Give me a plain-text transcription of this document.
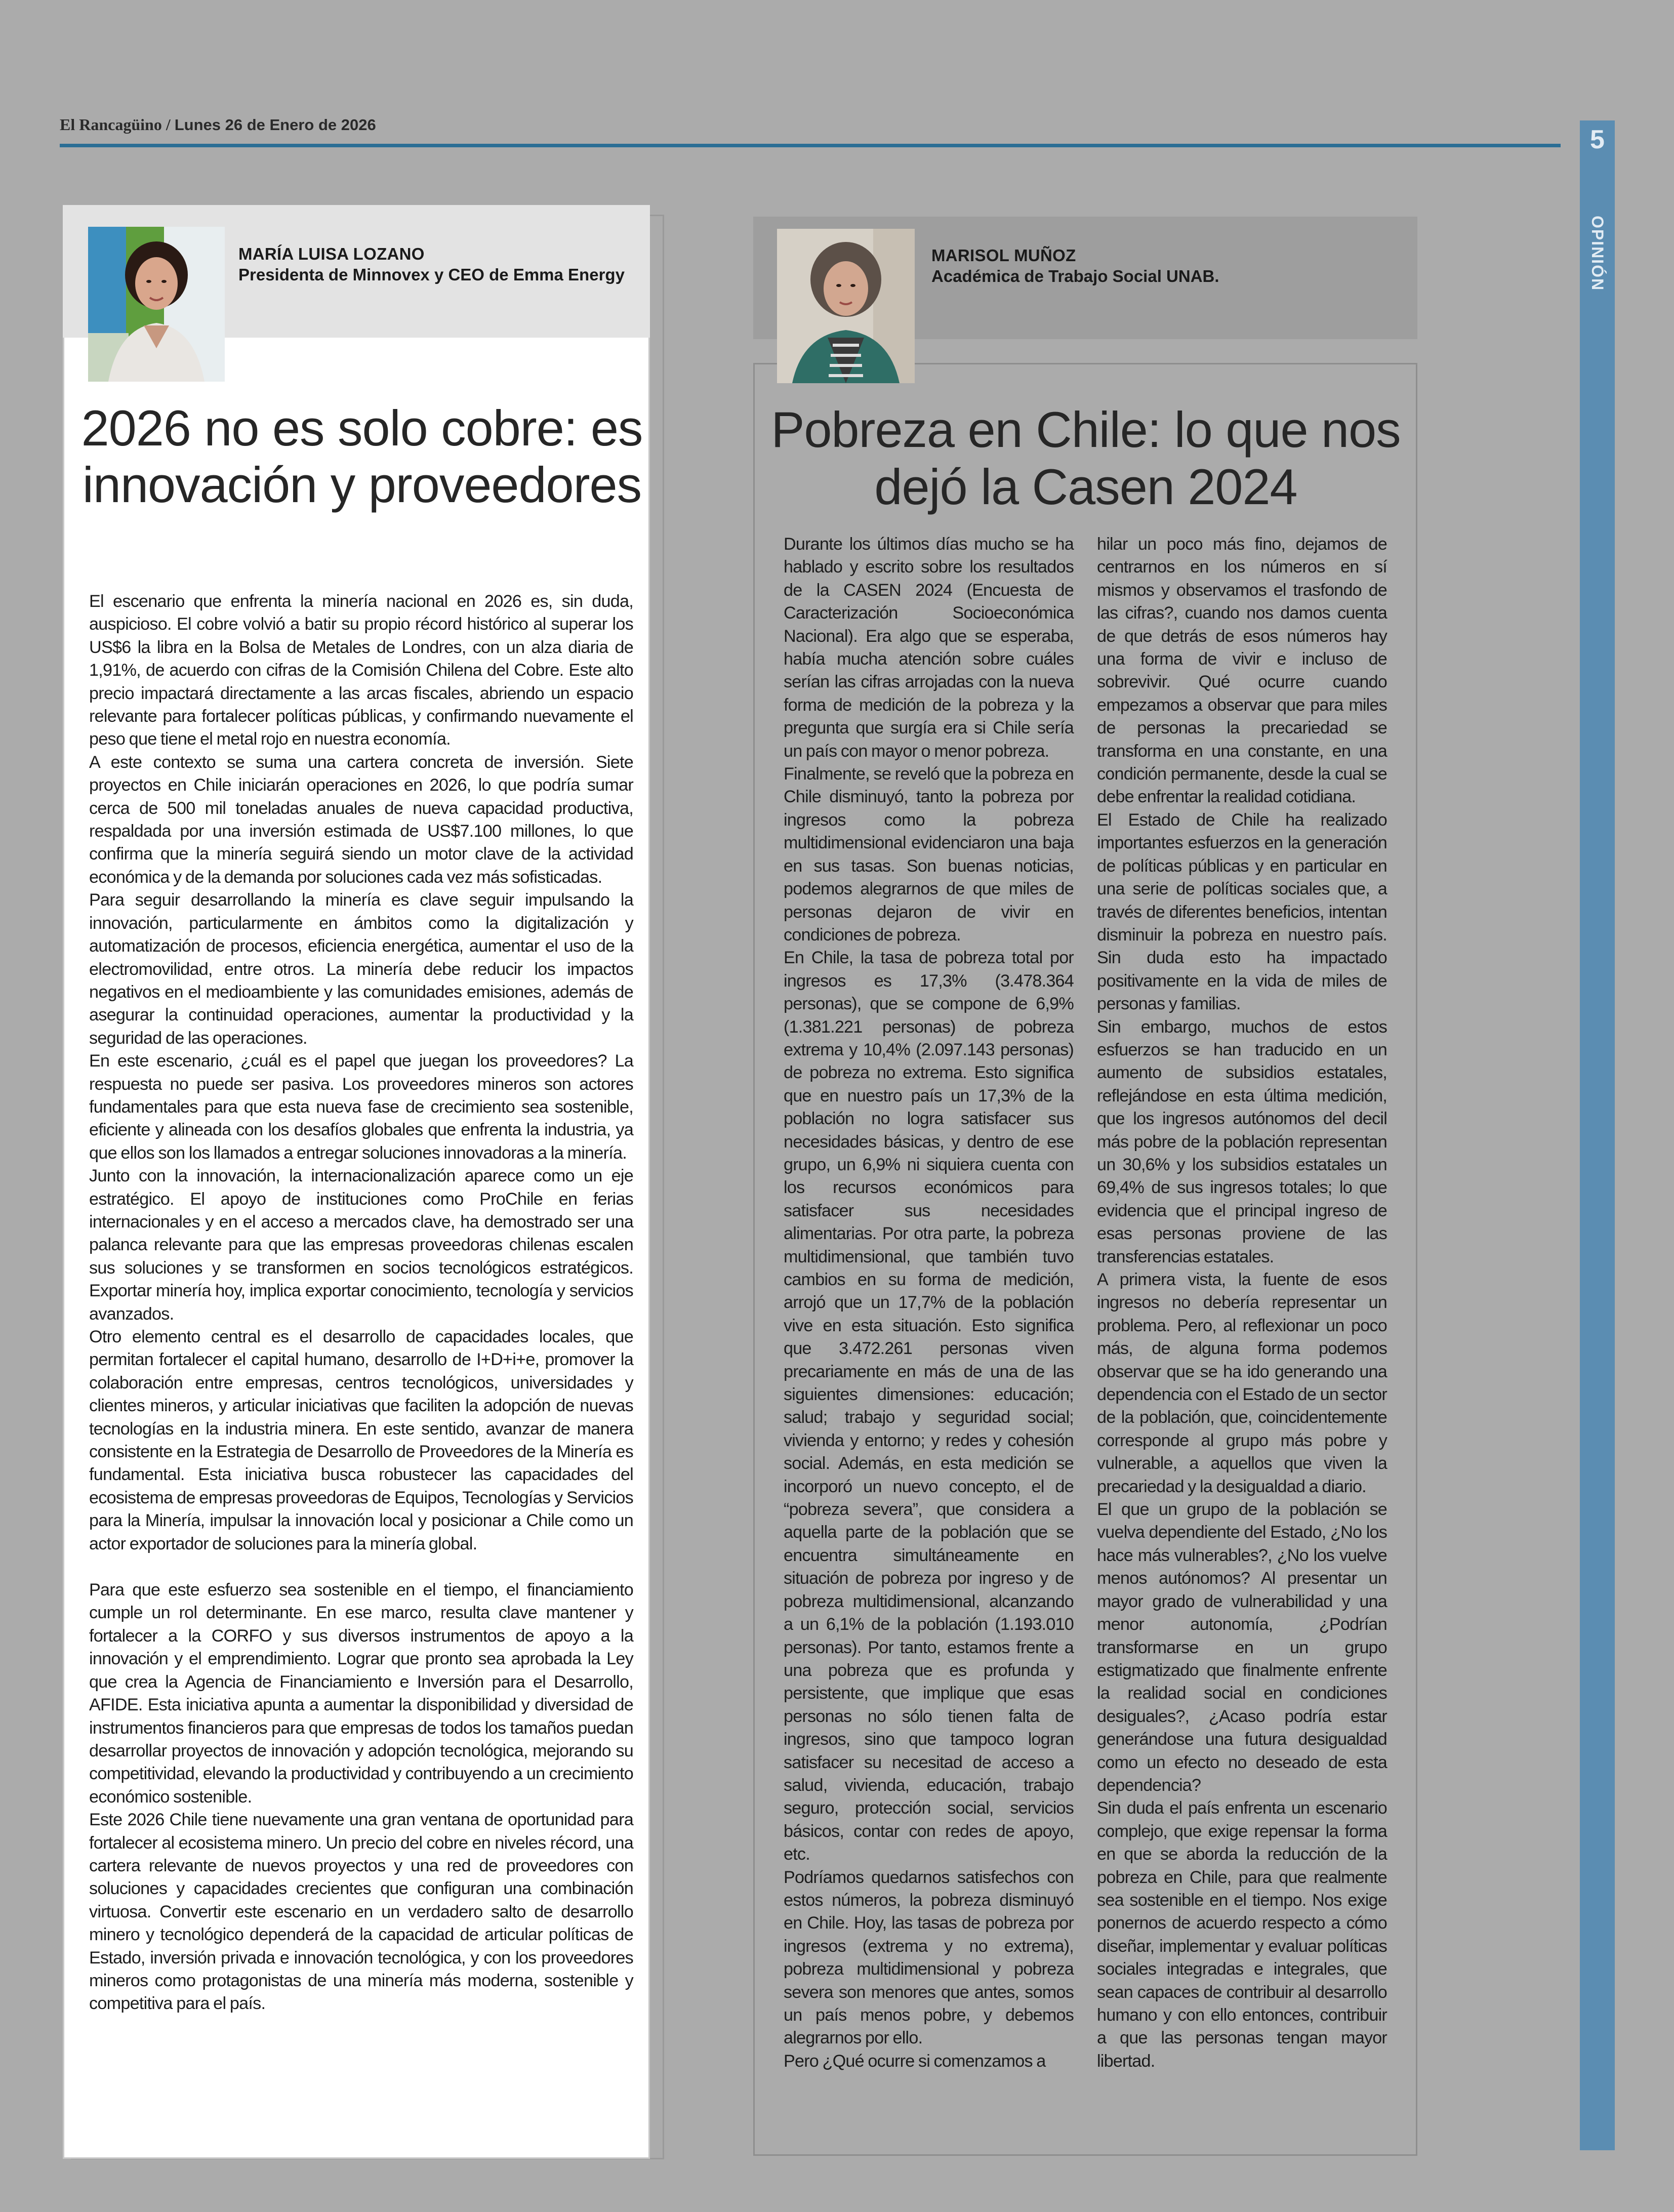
El Rancagüino / Lunes 26 de Enero de 2026
5
OPINIÓN
MARÍA LUISA LOZANO
Presidenta de Minnovex y CEO de Emma Energy
2026 no es solo cobre: es innovación y proveedores

El escenario que enfrenta la minería nacional en 2026 es, sin duda, auspicioso. El cobre volvió a batir su propio récord histórico al superar los US$6 la libra en la Bolsa de Metales de Londres, con un alza diaria de 1,91%, de acuerdo con cifras de la Comisión Chilena del Cobre. Este alto precio impactará directamente a las arcas fiscales, abriendo un espacio relevante para fortalecer políticas públicas, y confirmando nuevamente el peso que tiene el metal rojo en nuestra economía.

A este contexto se suma una cartera concreta de inversión. Siete proyectos en Chile iniciarán operaciones en 2026, lo que podría sumar cerca de 500 mil toneladas anuales de nueva capacidad productiva, respaldada por una inversión estimada de US$7.100 millones, lo que confirma que la minería seguirá siendo un motor clave de la actividad económica y de la demanda por soluciones cada vez más sofisticadas.

Para seguir desarrollando la minería es clave seguir impulsando la innovación, particularmente en ámbitos como la digitalización y automatización de procesos, eficiencia energética, aumentar el uso de la electromovilidad, entre otros. La minería debe reducir los impactos negativos en el medioambiente y las comunidades emisiones, además de asegurar la continuidad operaciones, aumentar la productividad y la seguridad de las operaciones.

En este escenario, ¿cuál es el papel que juegan los proveedores? La respuesta no puede ser pasiva. Los proveedores mineros son actores fundamentales para que esta nueva fase de crecimiento sea sostenible, eficiente y alineada con los desafíos globales que enfrenta la industria, ya que ellos son los llamados a entregar soluciones innovadoras a la minería.

Junto con la innovación, la internacionalización aparece como un eje estratégico. El apoyo de instituciones como ProChile en ferias internacionales y en el acceso a mercados clave, ha demostrado ser una palanca relevante para que las empresas proveedoras chilenas escalen sus soluciones y se transformen en socios tecnológicos estratégicos. Exportar minería hoy, implica exportar conocimiento, tecnología y servicios avanzados.

Otro elemento central es el desarrollo de capacidades locales, que permitan fortalecer el capital humano, desarrollo de I+D+i+e, promover la colaboración entre empresas, centros tecnológicos, universidades y clientes mineros, y articular iniciativas que faciliten la adopción de nuevas tecnologías en la industria minera. En este sentido, avanzar de manera consistente en la Estrategia de Desarrollo de Proveedores de la Minería es fundamental. Esta iniciativa busca robustecer las capacidades del ecosistema de empresas proveedoras de Equipos, Tecnologías y Servicios para la Minería, impulsar la innovación local y posicionar a Chile como un actor exportador de soluciones para la minería global.

Para que este esfuerzo sea sostenible en el tiempo, el financiamiento cumple un rol determinante. En ese marco, resulta clave mantener y fortalecer a la CORFO y sus diversos instrumentos de apoyo a la innovación y el emprendimiento. Lograr que pronto sea aprobada la Ley que crea la Agencia de Financiamiento e Inversión para el Desarrollo, AFIDE. Esta iniciativa apunta a aumentar la disponibilidad y diversidad de instrumentos financieros para que empresas de todos los tamaños puedan desarrollar proyectos de innovación y adopción tecnológica, mejorando su competitividad, elevando la productividad y contribuyendo a un crecimiento económico sostenible.

Este 2026 Chile tiene nuevamente una gran ventana de oportunidad para fortalecer al ecosistema minero. Un precio del cobre en niveles récord, una cartera relevante de nuevos proyectos y una red de proveedores con soluciones y capacidades crecientes que configuran una combinación virtuosa. Convertir este escenario en un verdadero salto de desarrollo minero y tecnológico dependerá de la capacidad de articular políticas de Estado, inversión privada e innovación tecnológica, y con los proveedores mineros como protagonistas de una minería más moderna, sostenible y competitiva para el país.

MARISOL MUÑOZ
Académica de Trabajo Social UNAB.
Pobreza en Chile: lo que nos dejó la Casen 2024

Durante los últimos días mucho se ha hablado y escrito sobre los resultados de la CASEN 2024 (Encuesta de Caracterización Socioeconómica Nacional). Era algo que se esperaba, había mucha atención sobre cuáles serían las cifras arrojadas con la nueva forma de medición de la pobreza y la pregunta que surgía era si Chile sería un país con mayor o menor pobreza.

Finalmente, se reveló que la pobreza en Chile disminuyó, tanto la pobreza por ingresos como la pobreza multidimensional evidenciaron una baja en sus tasas. Son buenas noticias, podemos alegrarnos de que miles de personas dejaron de vivir en condiciones de pobreza.

En Chile, la tasa de pobreza total por ingresos es 17,3% (3.478.364 personas), que se compone de 6,9% (1.381.221 personas) de pobreza extrema y 10,4% (2.097.143 personas) de pobreza no extrema. Esto significa que en nuestro país un 17,3% de la población no logra satisfacer sus necesidades básicas, y dentro de ese grupo, un 6,9% ni siquiera cuenta con los recursos económicos para satisfacer sus necesidades alimentarias. Por otra parte, la pobreza multidimensional, que también tuvo cambios en su forma de medición, arrojó que un 17,7% de la población vive en esta situación. Esto significa que 3.472.261 personas viven precariamente en más de una de las siguientes dimensiones: educación; salud; trabajo y seguridad social; vivienda y entorno; y redes y cohesión social. Además, en esta medición se incorporó un nuevo concepto, el de “pobreza severa”, que considera a aquella parte de la población que se encuentra simultáneamente en situación de pobreza por ingreso y de pobreza multidimensional, alcanzando a un 6,1% de la población (1.193.010 personas). Por tanto, estamos frente a una pobreza que es profunda y persistente, que implique que esas personas no sólo tienen falta de ingresos, sino que tampoco logran satisfacer su necesitad de acceso a salud, vivienda, educación, trabajo seguro, protección social, servicios básicos, contar con redes de apoyo, etc.

Podríamos quedarnos satisfechos con estos números, la pobreza disminuyó en Chile. Hoy, las tasas de pobreza por ingresos (extrema y no extrema), pobreza multidimensional y pobreza severa son menores que antes, somos un país menos pobre, y debemos alegrarnos por ello.

Pero ¿Qué ocurre si comenzamos a

hilar un poco más fino, dejamos de centrarnos en los números en sí mismos y observamos el trasfondo de las cifras?, cuando nos damos cuenta de que detrás de esos números hay una forma de vivir e incluso de sobrevivir. Qué ocurre cuando empezamos a observar que para miles de personas la precariedad se transforma en una constante, en una condición permanente, desde la cual se debe enfrentar la realidad cotidiana.

El Estado de Chile ha realizado importantes esfuerzos en la generación de políticas públicas y en particular en una serie de políticas sociales que, a través de diferentes beneficios, intentan disminuir la pobreza en nuestro país. Sin duda esto ha impactado positivamente en la vida de miles de personas y familias.

Sin embargo, muchos de estos esfuerzos se han traducido en un aumento de subsidios estatales, reflejándose en esta última medición, que los ingresos autónomos del decil más pobre de la población representan un 30,6% y los subsidios estatales un 69,4% de sus ingresos totales; lo que evidencia que el principal ingreso de esas personas proviene de las transferencias estatales.

A primera vista, la fuente de esos ingresos no debería representar un problema. Pero, al reflexionar un poco más, de alguna forma podemos observar que se ha ido generando una dependencia con el Estado de un sector de la población, que, coincidentemente corresponde al grupo más pobre y vulnerable, a aquellos que viven la precariedad y la desigualdad a diario.

El que un grupo de la población se vuelva dependiente del Estado, ¿No los hace más vulnerables?, ¿No los vuelve menos autónomos? Al presentar un mayor grado de vulnerabilidad y una menor autonomía, ¿Podrían transformarse en un grupo estigmatizado que finalmente enfrente la realidad social en condiciones desiguales?, ¿Acaso podría estar generándose una futura desigualdad como un efecto no deseado de esta dependencia?

Sin duda el país enfrenta un escenario complejo, que exige repensar la forma en que se aborda la reducción de la pobreza en Chile, para que realmente sea sostenible en el tiempo. Nos exige ponernos de acuerdo respecto a cómo diseñar, implementar y evaluar políticas sociales integradas e integrales, que sean capaces de contribuir al desarrollo humano y con ello entonces, contribuir a que las personas tengan mayor libertad.
